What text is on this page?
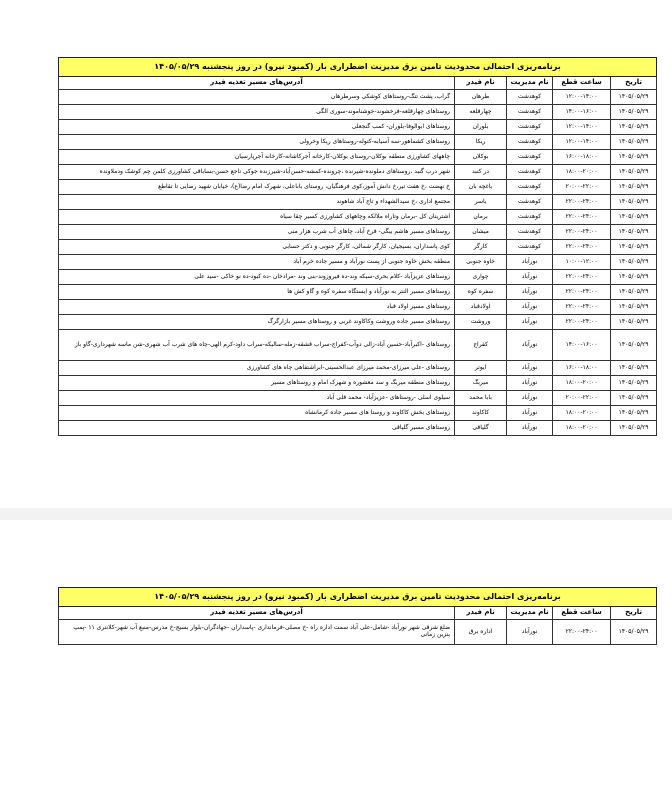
برنامه‌ریزی احتمالی محدودیت تامین برق مدیریت اضطراری بار (کمبود نیرو) در روز پنجشنبه ۱۴۰۵/۰۵/۲۹				
تاریخ	ساعت قطع	نام مدیریت	نام فیدر	آدرس‌های مسیر تغذیه فیدر
۱۴۰۵/۰۵/۲۹	۱۲:۰۰-۱۴:۰۰	کوهدشت	طرهان	گراب، پشت تنگ-روستاهای کوشکی وسرطرهان
۱۴۰۵/۰۵/۲۹	۱۴:۰۰-۱۶:۰۰	کوهدشت	چهارقلعه	روستاهای چهارقلعه-فرخشوند-خوشناموند-سوری الگی
۱۴۰۵/۰۵/۲۹	۱۲:۰۰-۱۴:۰۰	کوهدشت	بلوران	روستاهای ابوالوفا-بلوران- کمب گنجعلی
۱۴۰۵/۰۵/۲۹	۱۲:۰۰-۱۴:۰۰	کوهدشت	ریکا	روستاهای کشماهور-سه آسیابه-کتوله-روستاهای ریکا وخرولی
۱۴۰۵/۰۵/۲۹	۱۶:۰۰-۱۸:۰۰	کوهدشت	بوکلان	چاههای کشاورزی منطقه بوکلان-روستای بوکلان-کارخانه آجرکاشانه-کارخانه آجرپارسیان
۱۴۰۵/۰۵/۲۹	۱۸:۰۰-۲۰:۰۰	کوهدشت	در کنبد	شهر درب گنبد ،روستاهای دملونده-شیرنده ،چرونده-کمشه-حسن‌آباد-شیرزنده جوکی تاجع حسن-بساباقی کشاورزی کلمن چم کوشک ودملاونده
۱۴۰۵/۰۵/۲۹	۲۰:۰۰-۲۲:۰۰	کوهدشت	باغچه بان	خ نهضت ،خ هفت تیر،خ دانش آموز،کوی فرهنگیان، روستای باباعلی، شهرک امام رضا(ع)، خیابان شهید رضایی تا تقاطع
۱۴۰۵/۰۵/۲۹	۲۲:۰۰-۲۴:۰۰	کوهدشت	یاسر	مجتمع اداری ،خ سیدالشهداء و تاج آباد شاهوند
۱۴۰۵/۰۵/۲۹	۲۲:۰۰-۲۴:۰۰	کوهدشت	برمان	اشترینان کل -برمان وتاراه ملالکه وچاههای کشاورزی کسیر چقا سیاه
۱۴۰۵/۰۵/۲۹	۲۲:۰۰-۲۴:۰۰	کوهدشت	میشان	روستاهای مسیر هاشم بیگی- قرخ آباد، چاهای آب شرب هزار منی
۱۴۰۵/۰۵/۲۹	۲۲:۰۰-۲۴:۰۰	کوهدشت	کارگر	کوی پاسداران، بسیجیان، کارگر شمالی، کارگر جنوبی و دکتر حسابی
۱۴۰۵/۰۵/۲۹	۱۰:۰۰-۱۲:۰۰	نورآباد	خاوه جنوبی	منطقه بخش خاوه جنوبی از پست نورآباد و مسیر جاده خرم آباد
۱۴۰۵/۰۵/۲۹	۲۲:۰۰-۲۴:۰۰	نورآباد	چواری	روستاهای عزیزآباد -کلام بحری-سیکه وند-ده فیروزوند-بنی وند -مرادخان -ده کبود-ده نو خاکی -سید علی
۱۴۰۵/۰۵/۲۹	۲۲:۰۰-۲۴:۰۰	نورآباد	سفره کوه	روستاهای مسیر النتر به نورآباد و ایستگاه سفره کوه و گاو کش ها
۱۴۰۵/۰۵/۲۹	۲۲:۰۰-۲۴:۰۰	نورآباد	اولادقباد	روستاهای مسیر اولاد قباد
۱۴۰۵/۰۵/۲۹	۲۲:۰۰-۲۴:۰۰	نورآباد	وروشت	روستاهای مسیر جاده وروشت وکاکاوند غربی و روستاهای مسیر بازارگرگ
۱۴۰۵/۰۵/۲۹	۱۴:۰۰-۱۶:۰۰	نورآباد	کفراج	روستاهای -اکبرآباد-حسین آباد-زالی دوآب-کفراج-سراب قشقه-زمله-سالیکه-سراب داود-کرم الهی-چاه های شرب آب شهری-شن ماسه شهرداری-گاو باز
۱۴۰۵/۰۵/۲۹	۱۶:۰۰-۱۸:۰۰	نورآباد	ایوتر	روستاهای -علی میرزای-محمد میرزای عبدالحسینی-ابراشتفاهی چاه های کشاورزی
۱۴۰۵/۰۵/۲۹	۱۸:۰۰-۲۰:۰۰	نورآباد	میربگ	روستاهای منطقه میربگ و سد معشوره و شهرک امام و روستاهای مسیر
۱۴۰۵/۰۵/۲۹	۲۰:۰۰-۲۲:۰۰	نورآباد	بابا محمد	سیلوی اسلی -روستاهای -عزیزآباد- محمد قلی آباد
۱۴۰۵/۰۵/۲۹	۱۸:۰۰-۲۰:۰۰	نورآباد	کاکاوند	روستاهای بخش کاکاوند و روستا های مسیر جاده کرمانشاه
۱۴۰۵/۰۵/۲۹	۱۸:۰۰-۲۰:۰۰	نورآباد	گلیاقی	روستاهای مسیر گلیاقی
برنامه‌ریزی احتمالی محدودیت تامین برق مدیریت اضطراری بار (کمبود نیرو) در روز پنجشنبه ۱۴۰۵/۰۵/۲۹				
تاریخ	ساعت قطع	نام مدیریت	نام فیدر	آدرس‌های مسیر تغذیه فیدر
۱۴۰۵/۰۵/۲۹	۲۲:۰۰-۲۴:۰۰	نورآباد	اداره برق	ضلع شرقی شهر نورآباد -شامل-علی آباد سمت اداره راه -خ مصلی-فرمانداری -پاسداران -جهادگران-بلوار بسیج-خ مدرس-منبع آب شهر-کلانتری ۱۱ -پمپ بنزین زمانی
